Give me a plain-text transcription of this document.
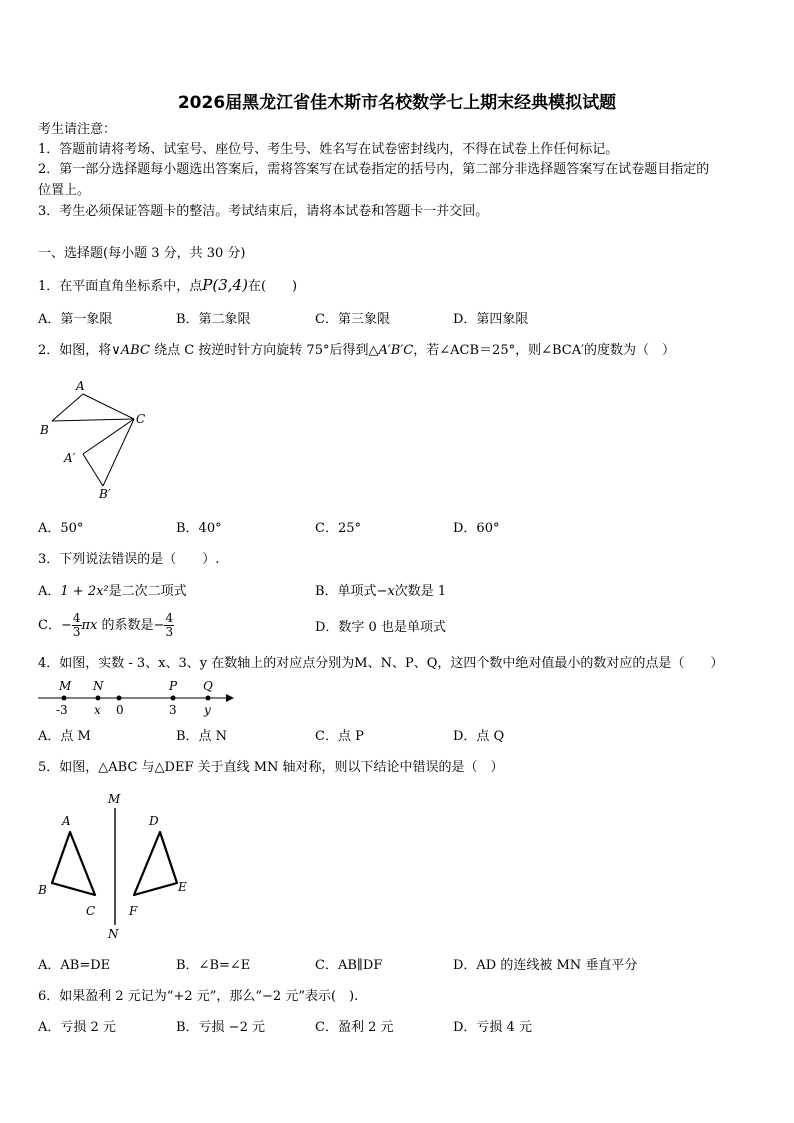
2026届黑龙江省佳木斯市名校数学七上期末经典模拟试题
考生请注意：
1．答题前请将考场、试室号、座位号、考生号、姓名写在试卷密封线内，不得在试卷上作任何标记。
2．第一部分选择题每小题选出答案后，需将答案写在试卷指定的括号内，第二部分非选择题答案写在试卷题目指定的
位置上。
3．考生必须保证答题卡的整洁。考试结束后，请将本试卷和答题卡一并交回。
一、选择题(每小题 3 分，共 30 分)
1．在平面直角坐标系中，点P(3,4)在(　　)
A．第一象限	B．第二象限	C．第三象限	D．第四象限
2．如图，将∨ABC 绕点 C 按逆时针方向旋转 75°后得到△A′B′C，若∠ACB＝25°，则∠BCA′的度数为（　）
A
B
C
A′
B′
A．50°	B．40°	C．25°	D．60°
3．下列说法错误的是（　　）.
A．1 + 2x²是二次二项式	B．单项式−x次数是 1
C．− $\frac{4}{3}$ πx 的系数是− $\frac{4}{3}$	D．数字 0 也是单项式
4．如图，实数 - 3、x、3、y 在数轴上的对应点分别为M、N、P、Q，这四个数中绝对值最小的数对应的点是（　　）
M N	P Q
-3 x 0	3 y
A．点 M	B．点 N	C．点 P	D．点 Q
5．如图，△ABC 与△DEF 关于直线 MN 轴对称，则以下结论中错误的是（　）
M
N
A
B
C
D
E
F
A．AB=DE	B．∠B=∠E	C．AB∥DF	D．AD 的连线被 MN 垂直平分
6．如果盈利 2 元记为“+2 元”，那么“−2 元”表示(　).
A．亏损 2 元	B．亏损 −2 元	C．盈利 2 元	D．亏损 4 元
